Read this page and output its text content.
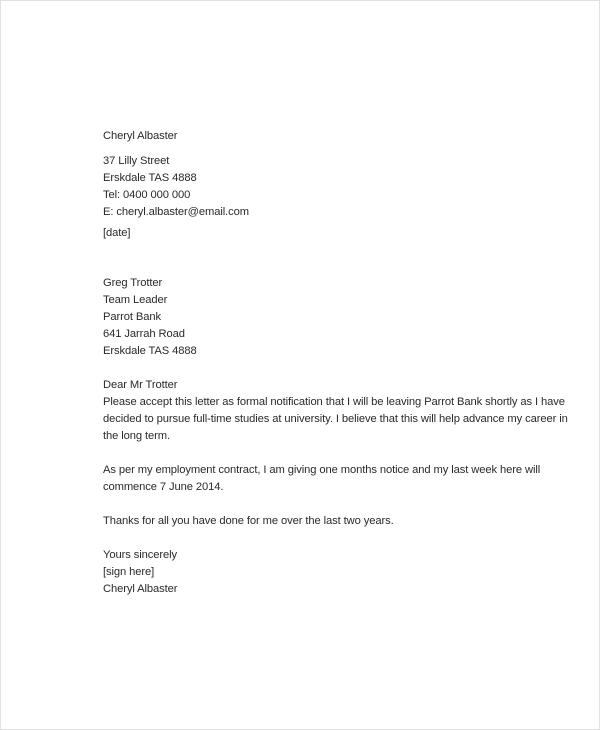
Cheryl Albaster
37 Lilly Street
Erskdale TAS 4888
Tel: 0400 000 000
E: cheryl.albaster@email.com
[date]
Greg Trotter
Team Leader
Parrot Bank
641 Jarrah Road
Erskdale TAS 4888
Dear Mr Trotter
Please accept this letter as formal notification that I will be leaving Parrot Bank shortly as I have
decided to pursue full-time studies at university. I believe that this will help advance my career in
the long term.
As per my employment contract, I am giving one months notice and my last week here will
commence 7 June 2014.
Thanks for all you have done for me over the last two years.
Yours sincerely
[sign here]
Cheryl Albaster
